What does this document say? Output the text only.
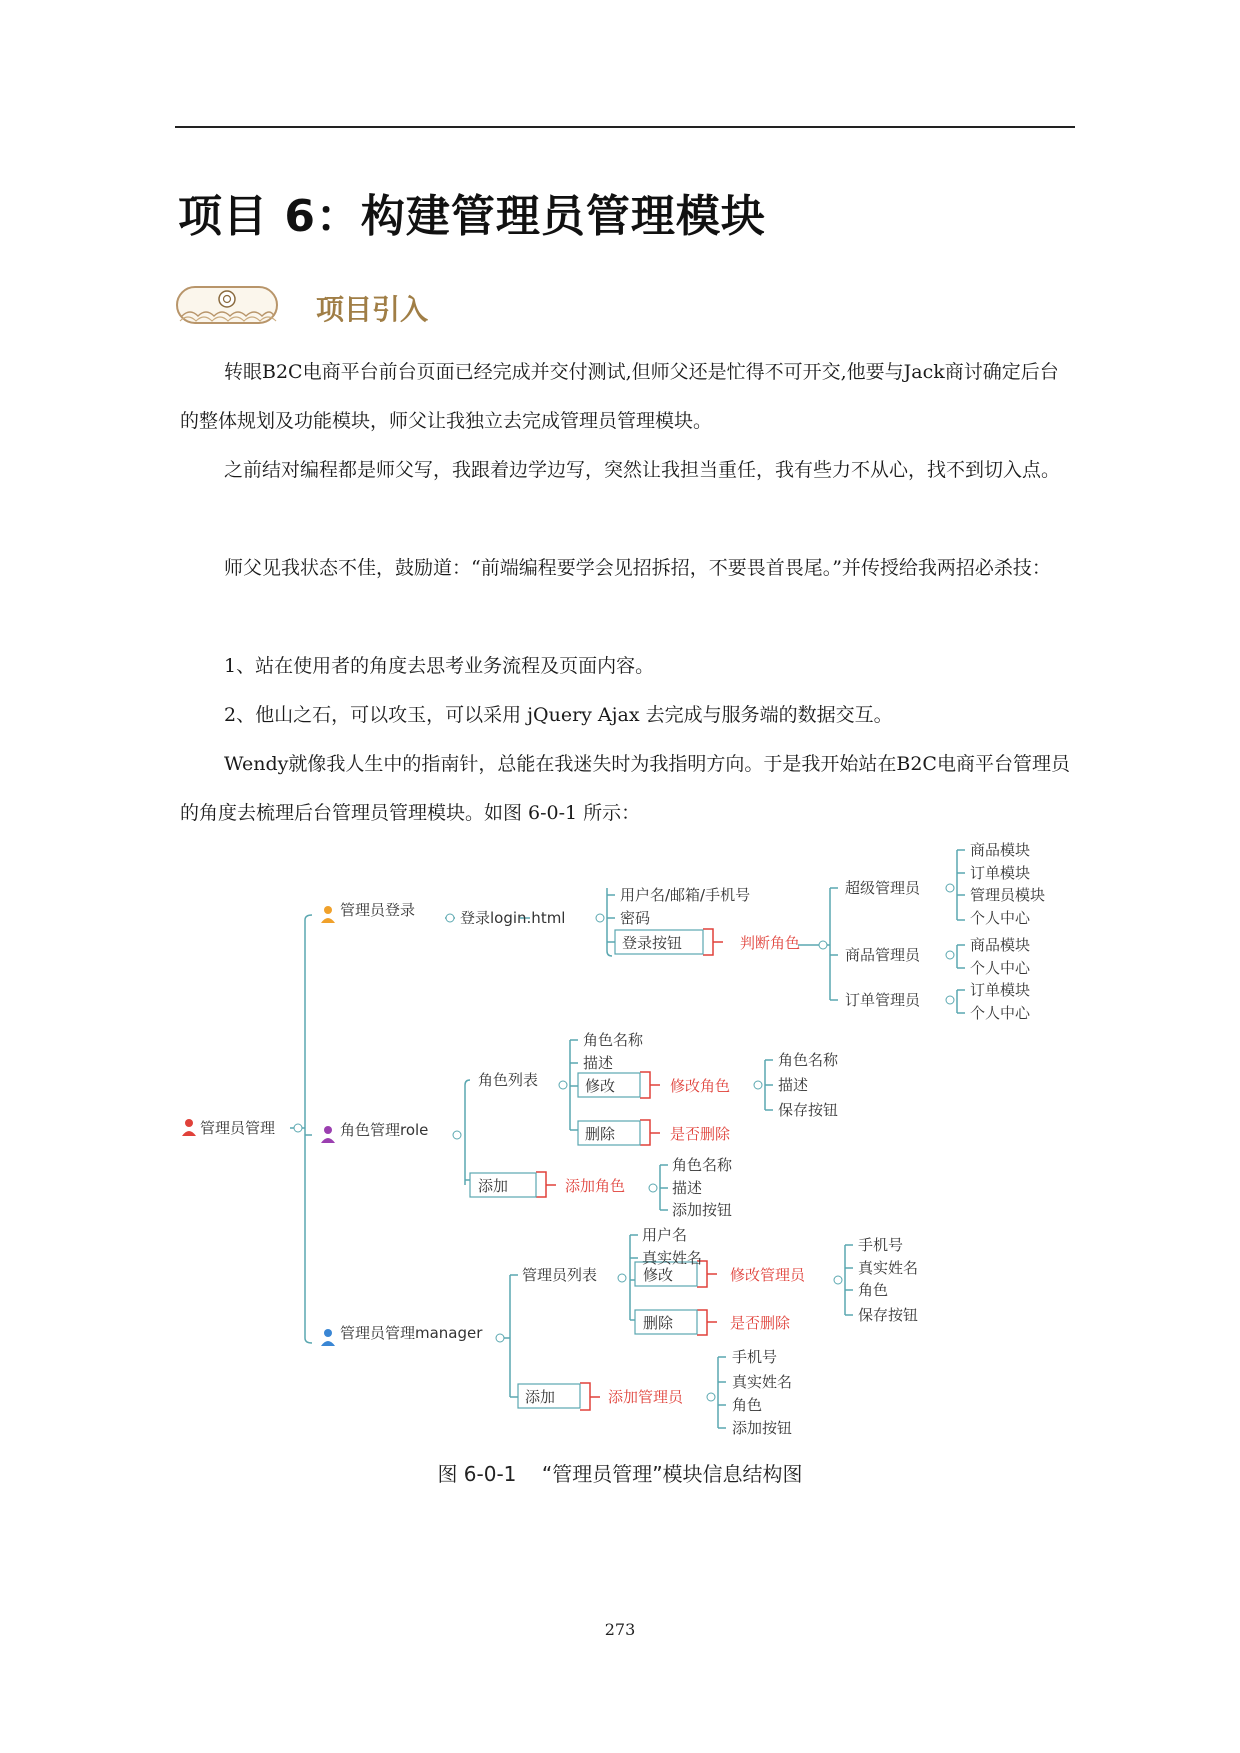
项目 6：构建管理员管理模块
项目引入
转眼B2C电商平台前台页面已经完成并交付测试,但师父还是忙得不可开交,他要与Jack商讨确定后台的整体规划及功能模块，师父让我独立去完成管理员管理模块。
之前结对编程都是师父写，我跟着边学边写，突然让我担当重任，我有些力不从心，找不到切入点。
师父见我状态不佳，鼓励道：“前端编程要学会见招拆招，不要畏首畏尾。”并传授给我两招必杀技：
1、站在使用者的角度去思考业务流程及页面内容。
2、他山之石，可以攻玉，可以采用 jQuery Ajax 去完成与服务端的数据交互。
Wendy就像我人生中的指南针，总能在我迷失时为我指明方向。于是我开始站在B2C电商平台管理员的角度去梳理后台管理员管理模块。如图 6-0-1 所示：
管理员管理
管理员登录
角色管理role
管理员管理manager
登录login.html
用户名/邮箱/手机号
密码
登录按钮	判断角色
超级管理员
商品管理员
订单管理员
商品模块
订单模块
管理员模块
个人中心
商品模块
个人中心
订单模块
个人中心
角色列表
角色名称
描述
修改	修改角色
角色名称
描述
保存按钮
删除	是否删除
添加	添加角色
角色名称
描述
添加按钮
管理员列表
用户名
真实姓名
修改	修改管理员
手机号
真实姓名
角色
保存按钮
删除	是否删除
添加	添加管理员
手机号
真实姓名
角色
添加按钮
图 6-0-1    “管理员管理”模块信息结构图
273
